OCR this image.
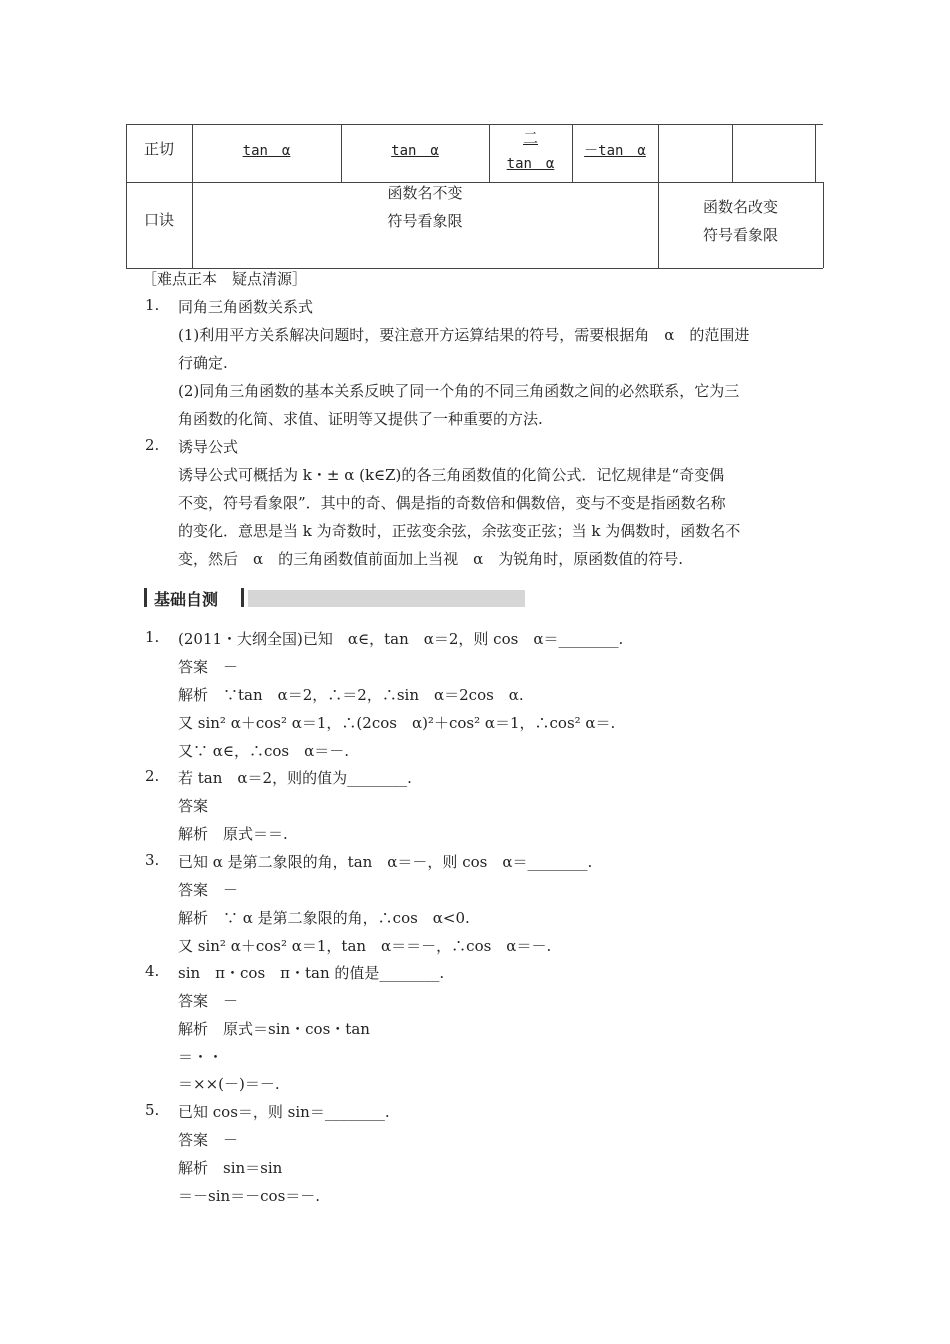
正切	tan　α	tan　α
二
tan　α
－tan　α
口诀
函数名不变
符号看象限
函数名改变
符号看象限
［难点正本　疑点清源］
1. 同角三角函数关系式
(1)利用平方关系解决问题时，要注意开方运算结果的符号，需要根据角　α　的范围进
行确定.
(2)同角三角函数的基本关系反映了同一个角的不同三角函数之间的必然联系，它为三
角函数的化简、求值、证明等又提供了一种重要的方法.
2. 诱导公式
诱导公式可概括为 k・± α (k∈Z)的各三角函数值的化简公式．记忆规律是“奇变偶
不变，符号看象限”．其中的奇、偶是指的奇数倍和偶数倍，变与不变是指函数名称
的变化．意思是当 k 为奇数时，正弦变余弦，余弦变正弦；当 k 为偶数时，函数名不
变，然后　α　的三角函数值前面加上当视　α　为锐角时，原函数值的符号.
基础自测
1. (2011・大纲全国)已知　α∈，tan　α＝2，则 cos　α＝________.
答案　－
解析　∵tan　α＝2，∴＝2，∴sin　α＝2cos　α.
又 sin² α＋cos² α＝1，∴(2cos　α)²＋cos² α＝1，∴cos² α＝.
又∵ α∈，∴cos　α＝－.
2. 若 tan　α＝2，则的值为________.
答案
解析　原式＝＝.
3. 已知 α 是第二象限的角，tan　α＝－，则 cos　α＝________.
答案　－
解析　∵ α 是第二象限的角，∴cos　α<0.
又 sin² α＋cos² α＝1，tan　α＝＝－，∴cos　α＝－.
4. sin　π・cos　π・tan 的值是________.
答案　－
解析　原式＝sin・cos・tan
＝・・
＝××(－)＝－.
5. 已知 cos＝，则 sin＝________.
答案　－
解析　sin＝sin
＝－sin＝－cos＝－.
